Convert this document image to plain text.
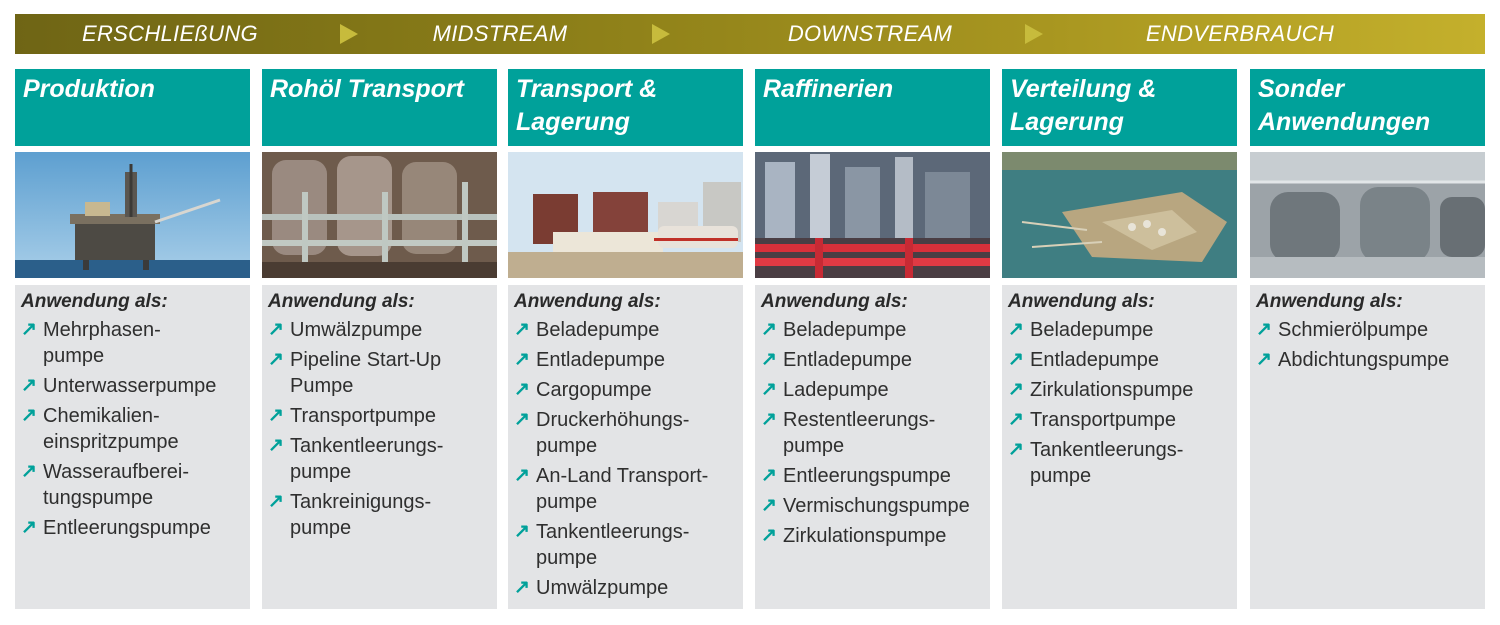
ERSCHLIEßUNG	MIDSTREAM	DOWNSTREAM	ENDVERBRAUCH
Produktion
Anwendung als:
↗ Mehrphasen-
pumpe
↗ Unterwasserpumpe
↗ Chemikalien-
einspritzpumpe
↗ Wasseraufberei-
tungspumpe
↗ Entleerungspumpe
Rohöl Transport
Anwendung als:
↗ Umwälzpumpe
↗ Pipeline Start-Up
Pumpe
↗ Transportpumpe
↗ Tankentleerungs-
pumpe
↗ Tankreinigungs-
pumpe
Transport &
Lagerung
Anwendung als:
↗ Beladepumpe
↗ Entladepumpe
↗ Cargopumpe
↗ Druckerhöhungs-
pumpe
↗ An-Land Transport-
pumpe
↗ Tankentleerungs-
pumpe
↗ Umwälzpumpe
Raffinerien
Anwendung als:
↗ Beladepumpe
↗ Entladepumpe
↗ Ladepumpe
↗ Restentleerungs-
pumpe
↗ Entleerungspumpe
↗ Vermischungspumpe
↗ Zirkulationspumpe
Verteilung &
Lagerung
Anwendung als:
↗ Beladepumpe
↗ Entladepumpe
↗ Zirkulationspumpe
↗ Transportpumpe
↗ Tankentleerungs-
pumpe
Sonder
Anwendungen
Anwendung als:
↗ Schmierölpumpe
↗ Abdichtungspumpe
